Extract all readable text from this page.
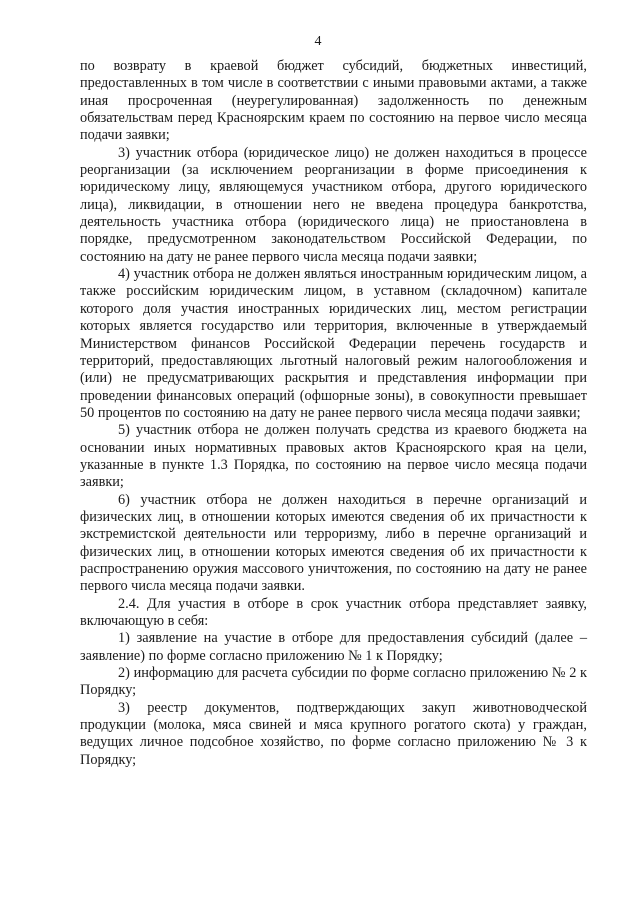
4

по возврату в краевой бюджет субсидий, бюджетных инвестиций, предоставленных в том числе в соответствии с иными правовыми актами, а также иная просроченная (неурегулированная) задолженность по денежным обязательствам перед Красноярским краем по состоянию на первое число месяца подачи заявки;

3) участник отбора (юридическое лицо) не должен находиться в процессе реорганизации (за исключением реорганизации в форме присоединения к юридическому лицу, являющемуся участником отбора, другого юридического лица), ликвидации, в отношении него не введена процедура банкротства, деятельность участника отбора (юридического лица) не приостановлена в порядке, предусмотренном законодательством Российской Федерации, по состоянию на дату не ранее первого числа месяца подачи заявки;

4) участник отбора не должен являться иностранным юридическим лицом, а также российским юридическим лицом, в уставном (складочном) капитале которого доля участия иностранных юридических лиц, местом регистрации которых является государство или территория, включенные в утверждаемый Министерством финансов Российской Федерации перечень государств и территорий, предоставляющих льготный налоговый режим налогообложения и (или) не предусматривающих раскрытия и представления информации при проведении финансовых операций (офшорные зоны), в совокупности превышает 50 процентов по состоянию на дату не ранее первого числа месяца подачи заявки;

5) участник отбора не должен получать средства из краевого бюджета на основании иных нормативных правовых актов Красноярского края на цели, указанные в пункте 1.3 Порядка, по состоянию на первое число месяца подачи заявки;

6) участник отбора не должен находиться в перечне организаций и физических лиц, в отношении которых имеются сведения об их причастности к экстремистской деятельности или терроризму, либо в перечне организаций и физических лиц, в отношении которых имеются сведения об их причастности к распространению оружия массового уничтожения, по состоянию на дату не ранее первого числа месяца подачи заявки.

2.4. Для участия в отборе в срок участник отбора представляет заявку, включающую в себя:

1) заявление на участие в отборе для предоставления субсидий (далее – заявление) по форме согласно приложению № 1 к Порядку;

2) информацию для расчета субсидии по форме согласно приложению № 2 к Порядку;

3) реестр документов, подтверждающих закуп животноводческой продукции (молока, мяса свиней и мяса крупного рогатого скота) у граждан, ведущих личное подсобное хозяйство, по форме согласно приложению № 3 к Порядку;
